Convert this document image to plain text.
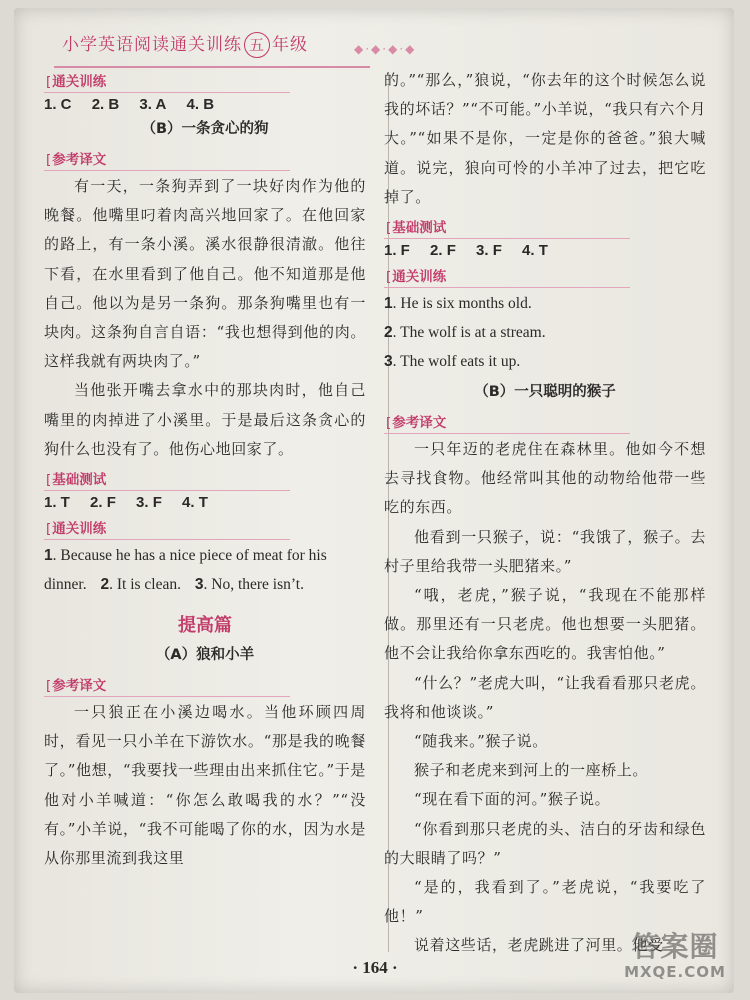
小学英语阅读通关训练 五 年级	◆·◆·◆·◆
[ 通关训练
1. C 2. B 3. A 4. B
（B）一条贪心的狗
[ 参考译文

有一天，一条狗弄到了一块好肉作为他的晚餐。他嘴里叼着肉高兴地回家了。在他回家的路上，有一条小溪。溪水很静很清澈。他往下看，在水里看到了他自己。他不知道那是他自己。他以为是另一条狗。那条狗嘴里也有一块肉。这条狗自言自语：“我也想得到他的肉。这样我就有两块肉了。”

当他张开嘴去拿水中的那块肉时，他自己嘴里的肉掉进了小溪里。于是最后这条贪心的狗什么也没有了。他伤心地回家了。

[ 基础测试
1. T 2. F 3. F 4. T
[ 通关训练
1. Because he has a nice piece of meat for his dinner. 2. It is clean. 3. No, there isn’t.
提高篇
（A）狼和小羊
[ 参考译文

一只狼正在小溪边喝水。当他环顾四周时，看见一只小羊在下游饮水。“那是我的晚餐了。”他想，“我要找一些理由出来抓住它。”于是他对小羊喊道：“你怎么敢喝我的水？”“没有。”小羊说，“我不可能喝了你的水，因为水是从你那里流到我这里

的。”“那么，”狼说，“你去年的这个时候怎么说我的坏话？”“不可能。”小羊说，“我只有六个月大。”“如果不是你，一定是你的爸爸。”狼大喊道。说完，狼向可怜的小羊冲了过去，把它吃掉了。

[ 基础测试
1. F 2. F 3. F 4. T
[ 通关训练
1. He is six months old.
2. The wolf is at a stream.
3. The wolf eats it up.
（B）一只聪明的猴子
[ 参考译文

一只年迈的老虎住在森林里。他如今不想去寻找食物。他经常叫其他的动物给他带一些吃的东西。

他看到一只猴子，说：“我饿了，猴子。去村子里给我带一头肥猪来。”

“哦，老虎，”猴子说，“我现在不能那样做。那里还有一只老虎。他也想要一头肥猪。他不会让我给你拿东西吃的。我害怕他。”

“什么？”老虎大叫，“让我看看那只老虎。我将和他谈谈。”

“随我来。”猴子说。

猴子和老虎来到河上的一座桥上。

“现在看下面的河。”猴子说。

“你看到那只老虎的头、洁白的牙齿和绿色的大眼睛了吗？”

“是的，我看到了。”老虎说，“我要吃了他！”

说着这些话，老虎跳进了河里。他受

· 164 ·
答案圈
MXQE.COM
